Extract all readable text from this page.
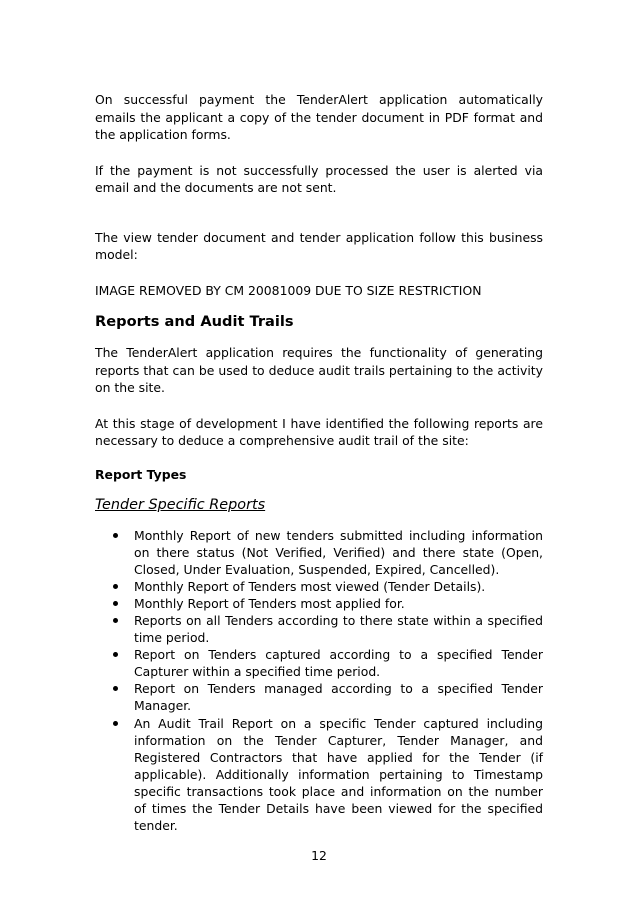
On successful payment the TenderAlert application automatically emails the applicant a copy of the tender document in PDF format and the application forms.

If the payment is not successfully processed the user is alerted via email and the documents are not sent.

The view tender document and tender application follow this business model:

IMAGE REMOVED BY CM 20081009 DUE TO SIZE RESTRICTION

Reports and Audit Trails

The TenderAlert application requires the functionality of generating reports that can be used to deduce audit trails pertaining to the activity on the site.

At this stage of development I have identified the following reports are necessary to deduce a comprehensive audit trail of the site:

Report Types
Tender Specific Reports
Monthly Report of new tenders submitted including information on there status (Not Verified, Verified) and there state (Open, Closed, Under Evaluation, Suspended, Expired, Cancelled).
Monthly Report of Tenders most viewed (Tender Details).
Monthly Report of Tenders most applied for.
Reports on all Tenders according to there state within a specified time period.
Report on Tenders captured according to a specified Tender Capturer within a specified time period.
Report on Tenders managed according to a specified Tender Manager.
An Audit Trail Report on a specific Tender captured including information on the Tender Capturer, Tender Manager, and Registered Contractors that have applied for the Tender (if applicable). Additionally information pertaining to Timestamp specific transactions took place and information on the number of times the Tender Details have been viewed for the specified tender.
12
